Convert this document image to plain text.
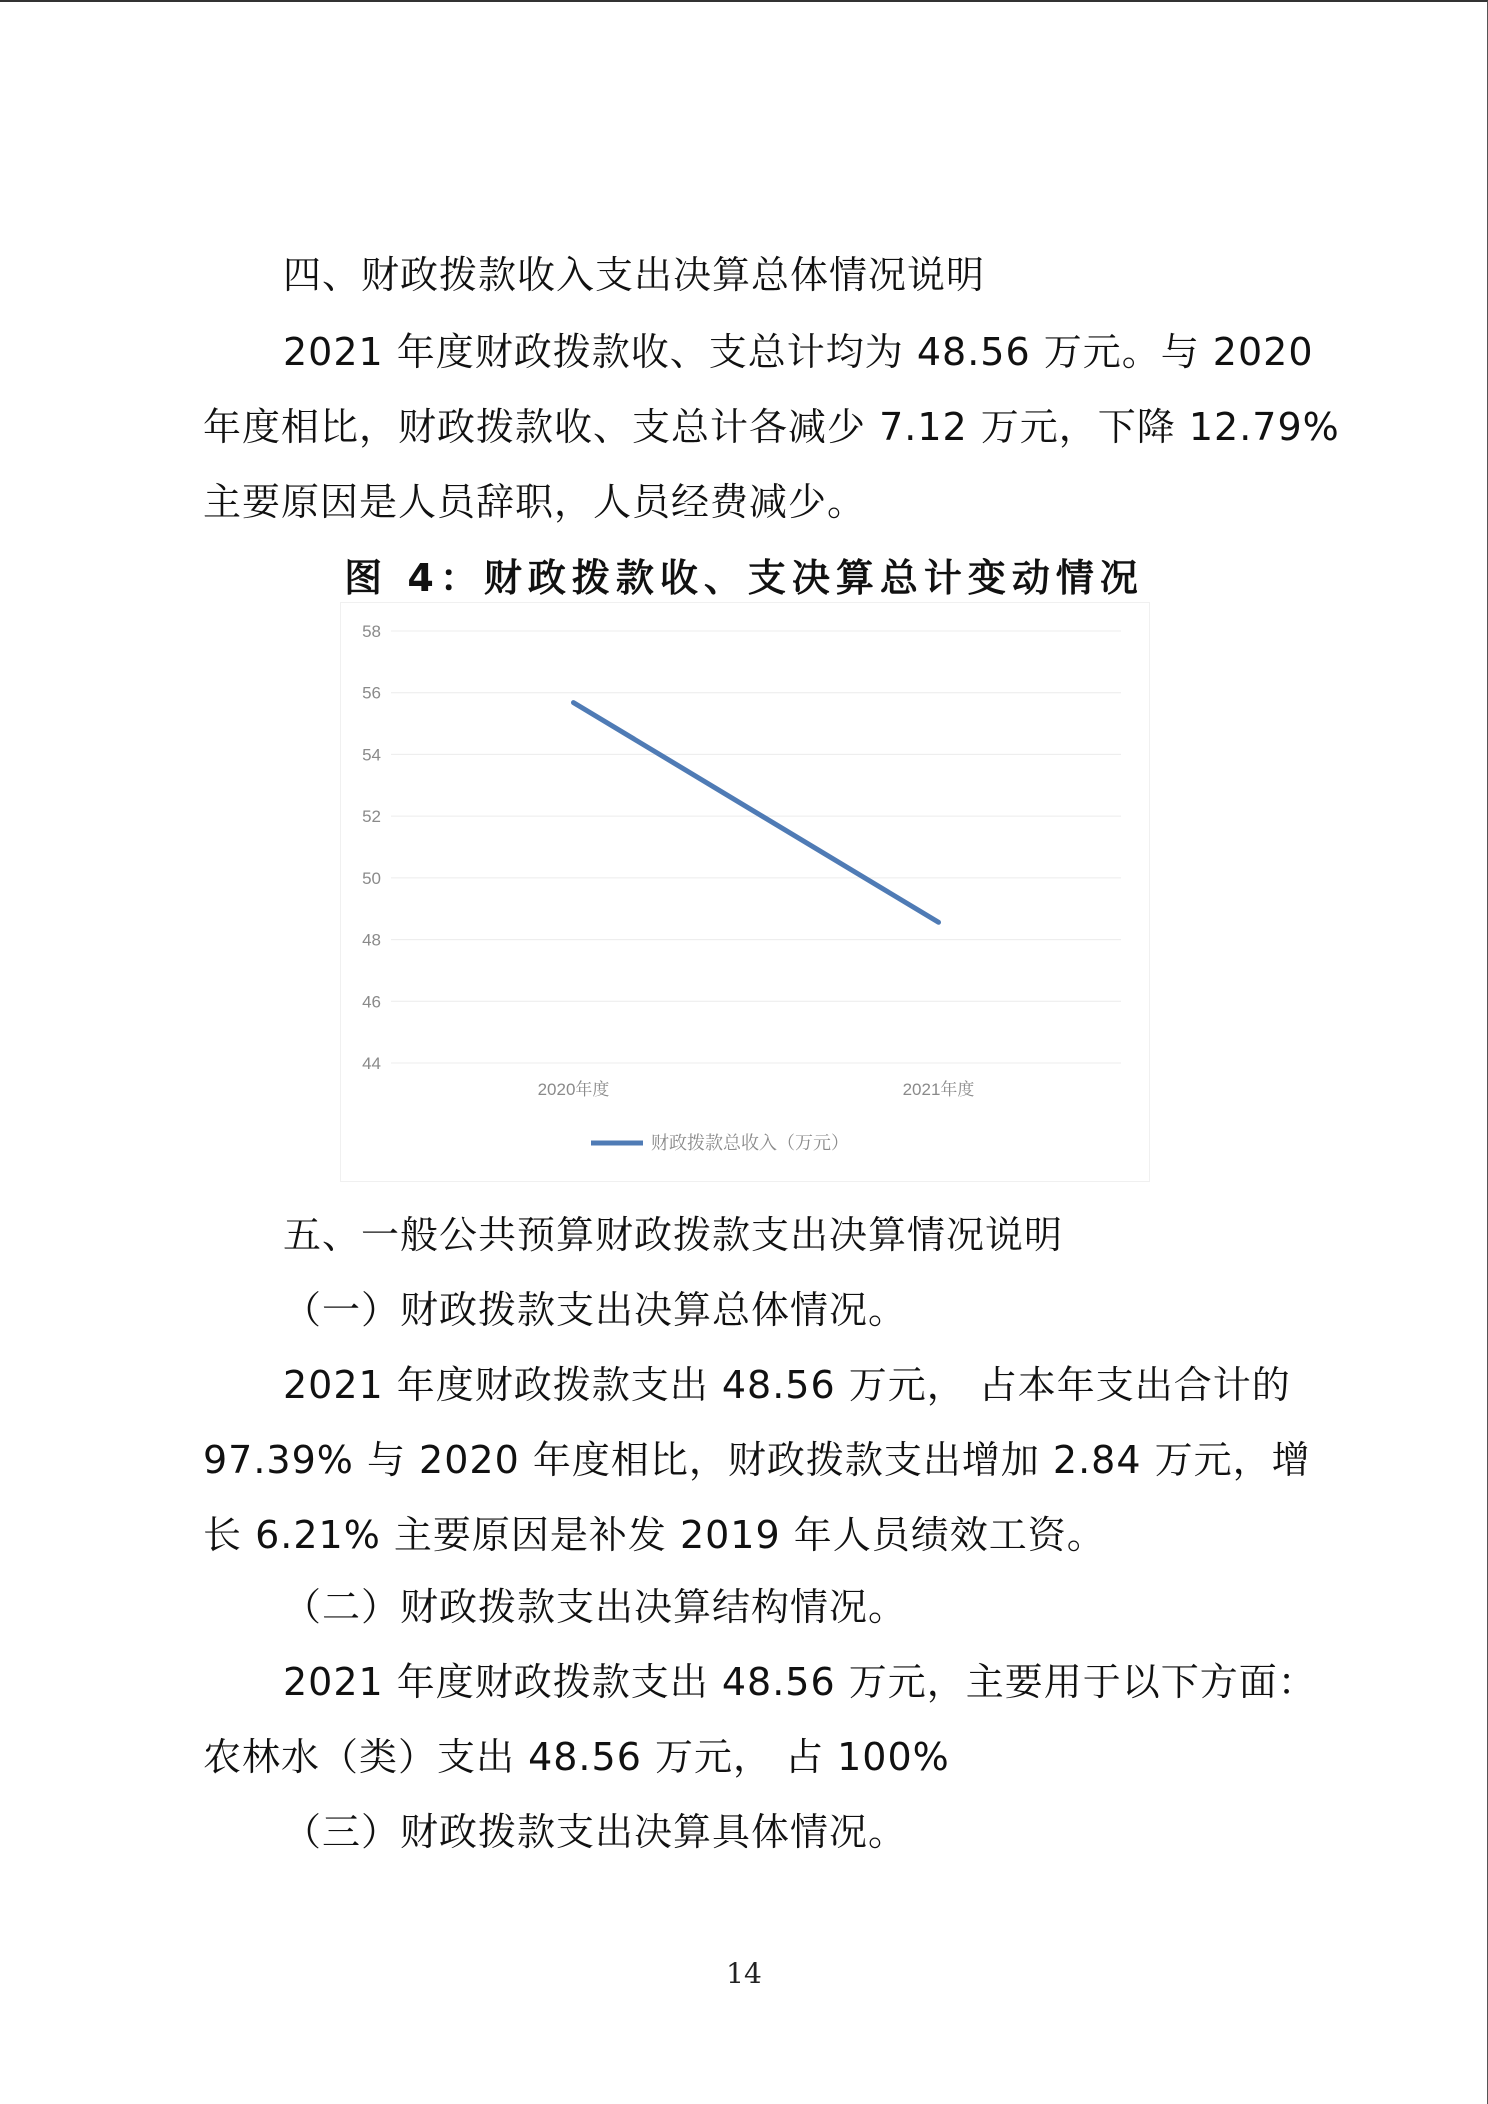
四、财政拨款收入支出决算总体情况说明

2021 年度财政拨款收、支总计均为 48.56 万元。与 2020
年度相比，财政拨款收、支总计各减少 7.12 万元，下降 12.79%
主要原因是人员辞职，人员经费减少。

图 4：财政拨款收、支决算总计变动情况

58
56
54
52
50
48
46
44
2020年度	2021年度
财政拨款总收入（万元）

五、一般公共预算财政拨款支出决算情况说明

（一）财政拨款支出决算总体情况。

2021 年度财政拨款支出 48.56 万元， 占本年支出合计的
97.39% 与 2020 年度相比，财政拨款支出增加 2.84 万元，增
长 6.21% 主要原因是补发 2019 年人员绩效工资。

（二）财政拨款支出决算结构情况。

2021 年度财政拨款支出 48.56 万元，主要用于以下方面：
农林水（类）支出 48.56 万元， 占 100%

（三）财政拨款支出决算具体情况。

14
